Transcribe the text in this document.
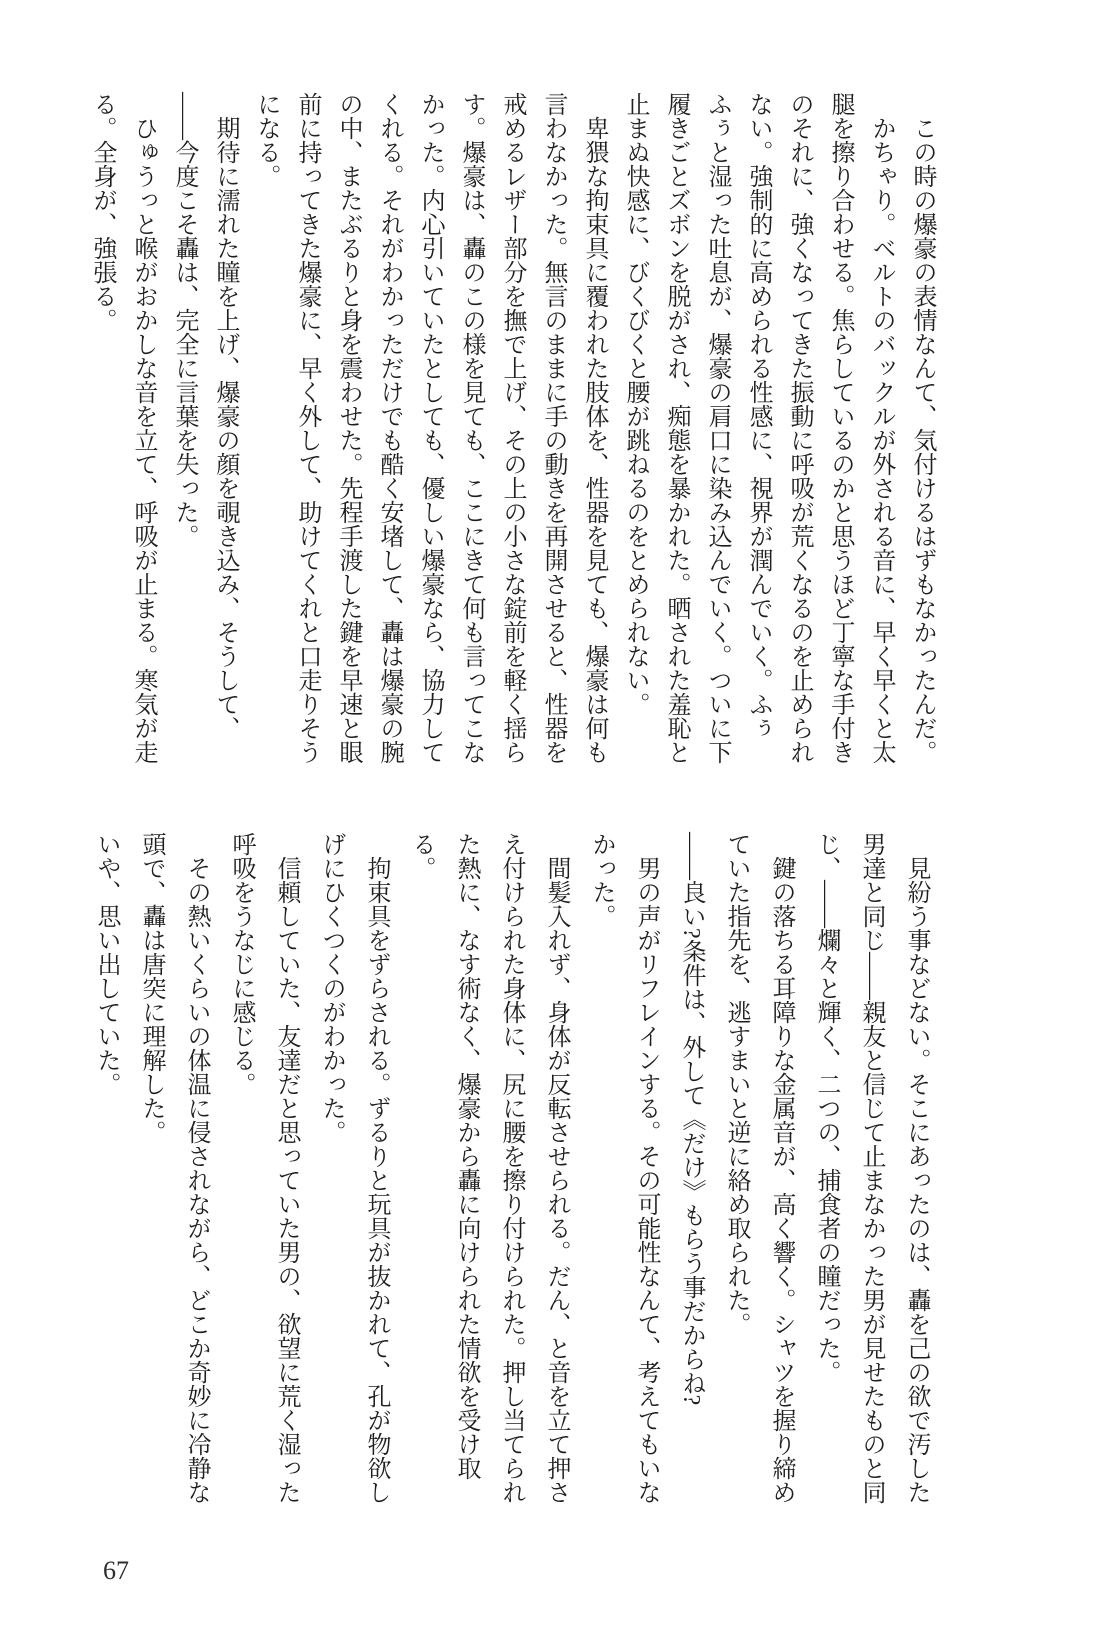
この時の爆豪の表情なんて、気付けるはずもなかったんだ。

かちゃり。ベルトのバックルが外される音に、早く早くと太腿を擦り合わせる。焦らしているのかと思うほど丁寧な手付きのそれに、強くなってきた振動に呼吸が荒くなるのを止められない。強制的に高められる性感に、視界が潤んでいく。ふぅふぅと湿った吐息が、爆豪の肩口に染み込んでいく。ついに下履きごとズボンを脱がされ、痴態を暴かれた。晒された羞恥と止まぬ快感に、びくびくと腰が跳ねるのをとめられない。

卑猥な拘束具に覆われた肢体を、性器を見ても、爆豪は何も言わなかった。無言のままに手の動きを再開させると、性器を戒めるレザー部分を撫で上げ、その上の小さな錠前を軽く揺らす。爆豪は、轟のこの様を見ても、ここにきて何も言ってこなかった。内心引いていたとしても、優しい爆豪なら、協力してくれる。それがわかっただけでも酷く安堵して、轟は爆豪の腕の中、またぶるりと身を震わせた。先程手渡した鍵を早速と眼前に持ってきた爆豪に、早く外して、助けてくれと口走りそうになる。

期待に濡れた瞳を上げ、爆豪の顔を覗き込み、そうして、――今度こそ轟は、完全に言葉を失った。

ひゅうっと喉がおかしな音を立て、呼吸が止まる。寒気が走る。全身が、強張る。

見紛う事などない。そこにあったのは、轟を己の欲で汚した男達と同じ――親友と信じて止まなかった男が見せたものと同じ、――爛々と輝く、二つの、捕食者の瞳だった。

鍵の落ちる耳障りな金属音が、高く響く。シャツを握り締めていた指先を、逃すまいと逆に絡め取られた。

――良い?条件は、外して《だけ》もらう事だからね?

男の声がリフレインする。その可能性なんて、考えてもいなかった。

間髪入れず、身体が反転させられる。だん、と音を立て押さえ付けられた身体に、尻に腰を擦り付けられた。押し当てられた熱に、なす術なく、爆豪から轟に向けられた情欲を受け取る。

拘束具をずらされる。ずるりと玩具が抜かれて、孔が物欲しげにひくつくのがわかった。

信頼していた、友達だと思っていた男の、欲望に荒く湿った呼吸をうなじに感じる。

その熱いくらいの体温に侵されながら、どこか奇妙に冷静な頭で、轟は唐突に理解した。

いや、思い出していた。

67
